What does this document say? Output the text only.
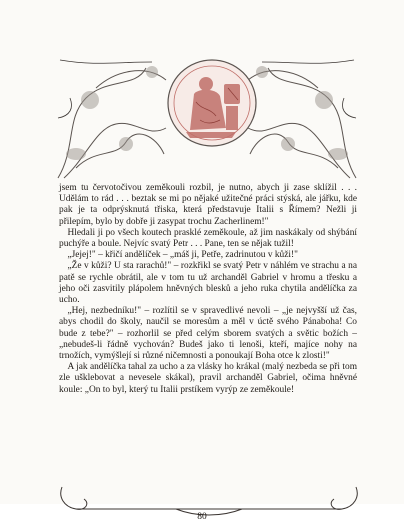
jsem tu červotočivou zeměkouli rozbil, je nutno, abych ji zase sklížil . . . Udělám to rád . . . beztak se mi po nějaké užitečné práci stýská, ale jářku, kde pak je ta odprýsknutá třiska, která představuje Italii s Římem? Nežli ji přilepím, bylo by dobře ji zasypat trochu Zacherlinem!"

Hledali ji po všech koutech prasklé zeměkoule, až jim naskákaly od shýbání puchýře a boule. Nejvíc svatý Petr . . . Pane, ten se nějak tužil!

„Jejej!" – křičí andělíček – „máš ji, Petře, zadrinutou v kůži!"

„Že v kůži? U sta rarachů!" – rozkřikl se svatý Petr v náhlém ve strachu a na patě se rychle obrátil, ale v tom tu už archanděl Gabriel v hromu a třesku a jeho oči zasvitily plápolem hněvných blesků a jeho ruka chytila andělíčka za ucho.

„Hej, nezbedníku!" – rozlítil se v spravedlivé nevoli – „je nejvyšší už čas, abys chodil do školy, naučil se moresům a měl v úctě svého Pánaboha! Co bude z tebe?" – rozhorlil se před celým sborem svatých a světic božích – „nebudeš-li řádně vychován? Budeš jako ti lenoši, kteří, majíce nohy na trnožích, vymýšlejí si různé ničemnosti a ponoukají Boha otce k zlosti!"

A jak andělíčka tahal za ucho a za vlásky ho krákal (malý nezbeda se při tom zle ušklebovat a nevesele skákal), pravil archanděl Gabriel, očima hněvné koule: „On to byl, který tu Italii prstíkem vyrýp ze zeměkoule!

80
